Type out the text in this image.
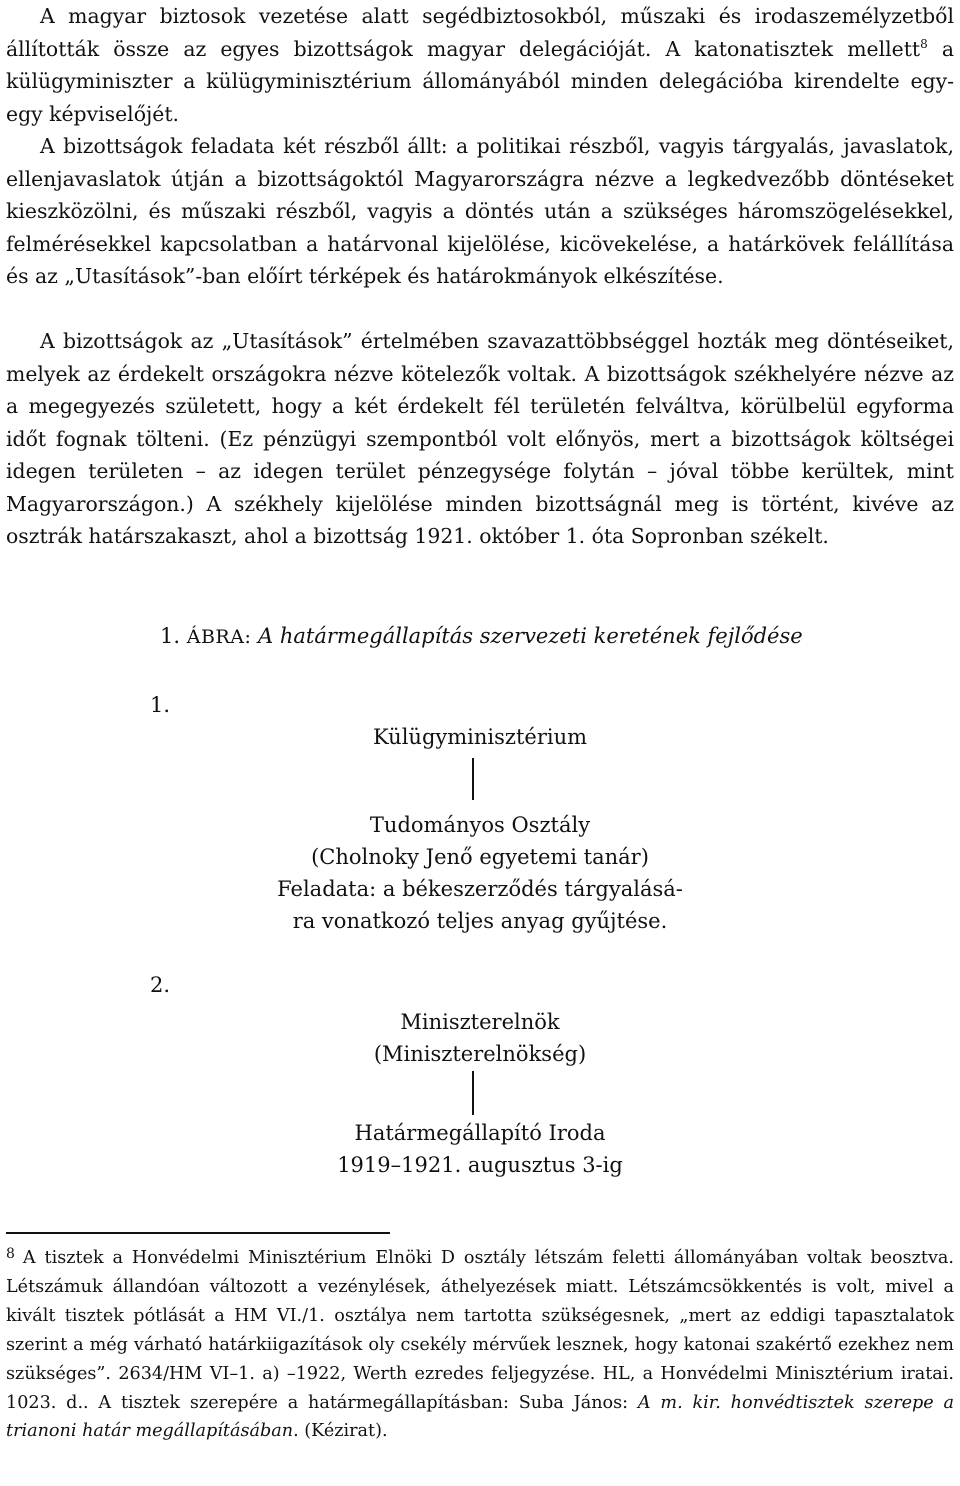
A magyar biztosok vezetése alatt segédbiztosokból, műszaki és irodaszemélyzetből állították össze az egyes bizottságok magyar delegációját. A katonatisztek mellett$^8$ a külügyminiszter a külügyminisztérium állományából minden delegációba kirendelte egy-egy képviselőjét.

A bizottságok feladata két részből állt: a politikai részből, vagyis tárgyalás, javaslatok, ellenjavaslatok útján a bizottságoktól Magyarországra nézve a legkedvezőbb döntéseket kieszközölni, és műszaki részből, vagyis a döntés után a szükséges háromszögelésekkel, felmérésekkel kapcsolatban a határvonal kijelölése, kicövekelése, a határkövek felállítása és az „Utasítások”-ban előírt térképek és határokmányok elkészítése.

A bizottságok az „Utasítások” értelmében szavazattöbbséggel hozták meg döntéseiket, melyek az érdekelt országokra nézve kötelezők voltak. A bizottságok székhelyére nézve az a megegyezés született, hogy a két érdekelt fél területén felváltva, körülbelül egyforma időt fognak tölteni. (Ez pénzügyi szempontból volt előnyös, mert a bizottságok költségei idegen területen – az idegen terület pénzegysége folytán – jóval többe kerültek, mint Magyarországon.) A székhely kijelölése minden bizottságnál meg is történt, kivéve az osztrák határszakaszt, ahol a bizottság 1921. október 1. óta Sopronban székelt.

1. ÁBRA: A határmegállapítás szervezeti keretének fejlődése

1.
Külügyminisztérium
Tudományos Osztály
(Cholnoky Jenő egyetemi tanár)
Feladata: a békeszerződés tárgyalásá-
ra vonatkozó teljes anyag gyűjtése.
2.
Miniszterelnök
(Miniszterelnökség)
Határmegállapító Iroda
1919–1921. augusztus 3-ig

$^8$ A tisztek a Honvédelmi Minisztérium Elnöki D osztály létszám feletti állományában voltak beosztva. Létszámuk állandóan változott a vezénylések, áthelyezések miatt. Létszámcsökkentés is volt, mivel a kivált tisztek pótlását a HM VI./1. osztálya nem tartotta szükségesnek, „mert az eddigi tapasztalatok szerint a még várható határkiigazítások oly csekély mérvűek lesznek, hogy katonai szakértő ezekhez nem szükséges”. 2634/HM VI–1. a) –1922, Werth ezredes feljegyzése. HL, a Honvédelmi Minisztérium iratai. 1023. d.. A tisztek szerepére a határmegállapításban: Suba János: A m. kir. honvédtisztek szerepe a trianoni határ megállapításában. (Kézirat).
